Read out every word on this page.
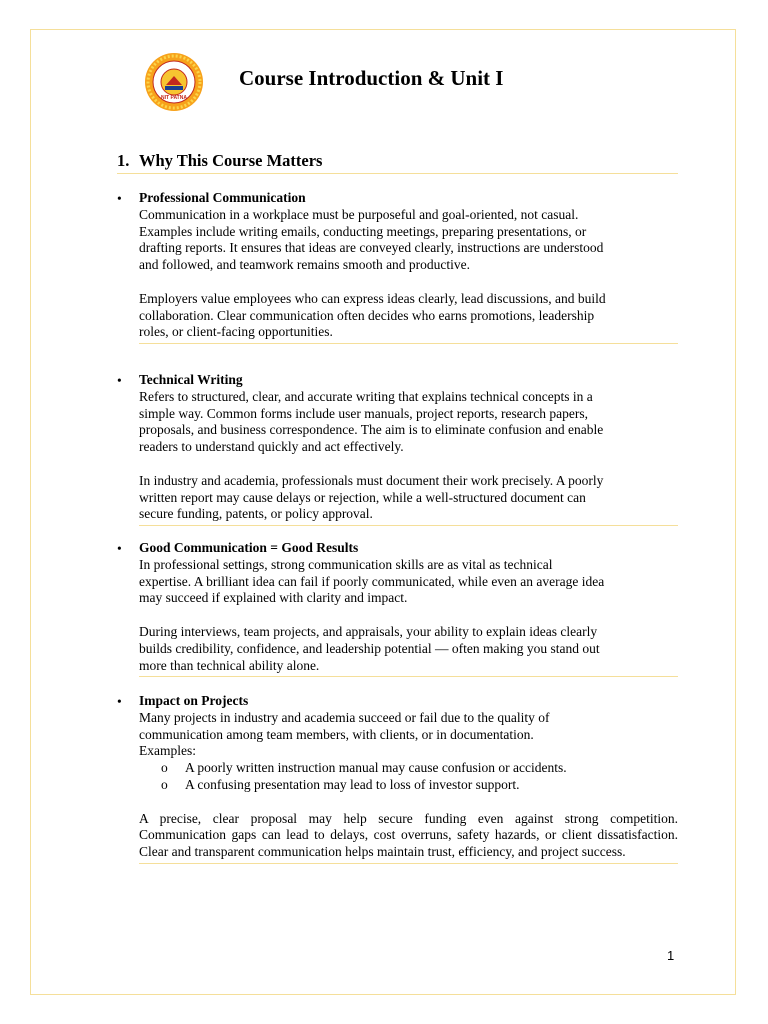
NIT PATNA
Course Introduction & Unit I
1. Why This Course Matters
• Professional Communication
Communication in a workplace must be purposeful and goal-oriented, not casual.
Examples include writing emails, conducting meetings, preparing presentations, or
drafting reports. It ensures that ideas are conveyed clearly, instructions are understood
and followed, and teamwork remains smooth and productive.
Employers value employees who can express ideas clearly, lead discussions, and build
collaboration. Clear communication often decides who earns promotions, leadership
roles, or client-facing opportunities.
• Technical Writing
Refers to structured, clear, and accurate writing that explains technical concepts in a
simple way. Common forms include user manuals, project reports, research papers,
proposals, and business correspondence. The aim is to eliminate confusion and enable
readers to understand quickly and act effectively.
In industry and academia, professionals must document their work precisely. A poorly
written report may cause delays or rejection, while a well-structured document can
secure funding, patents, or policy approval.
• Good Communication = Good Results
In professional settings, strong communication skills are as vital as technical
expertise. A brilliant idea can fail if poorly communicated, while even an average idea
may succeed if explained with clarity and impact.
During interviews, team projects, and appraisals, your ability to explain ideas clearly
builds credibility, confidence, and leadership potential — often making you stand out
more than technical ability alone.
• Impact on Projects
Many projects in industry and academia succeed or fail due to the quality of
communication among team members, with clients, or in documentation.
Examples:
o A poorly written instruction manual may cause confusion or accidents.
o A confusing presentation may lead to loss of investor support.

A precise, clear proposal may help secure funding even against strong competition. Communication gaps can lead to delays, cost overruns, safety hazards, or client dissatisfaction. Clear and transparent communication helps maintain trust, efficiency, and project success.

1
